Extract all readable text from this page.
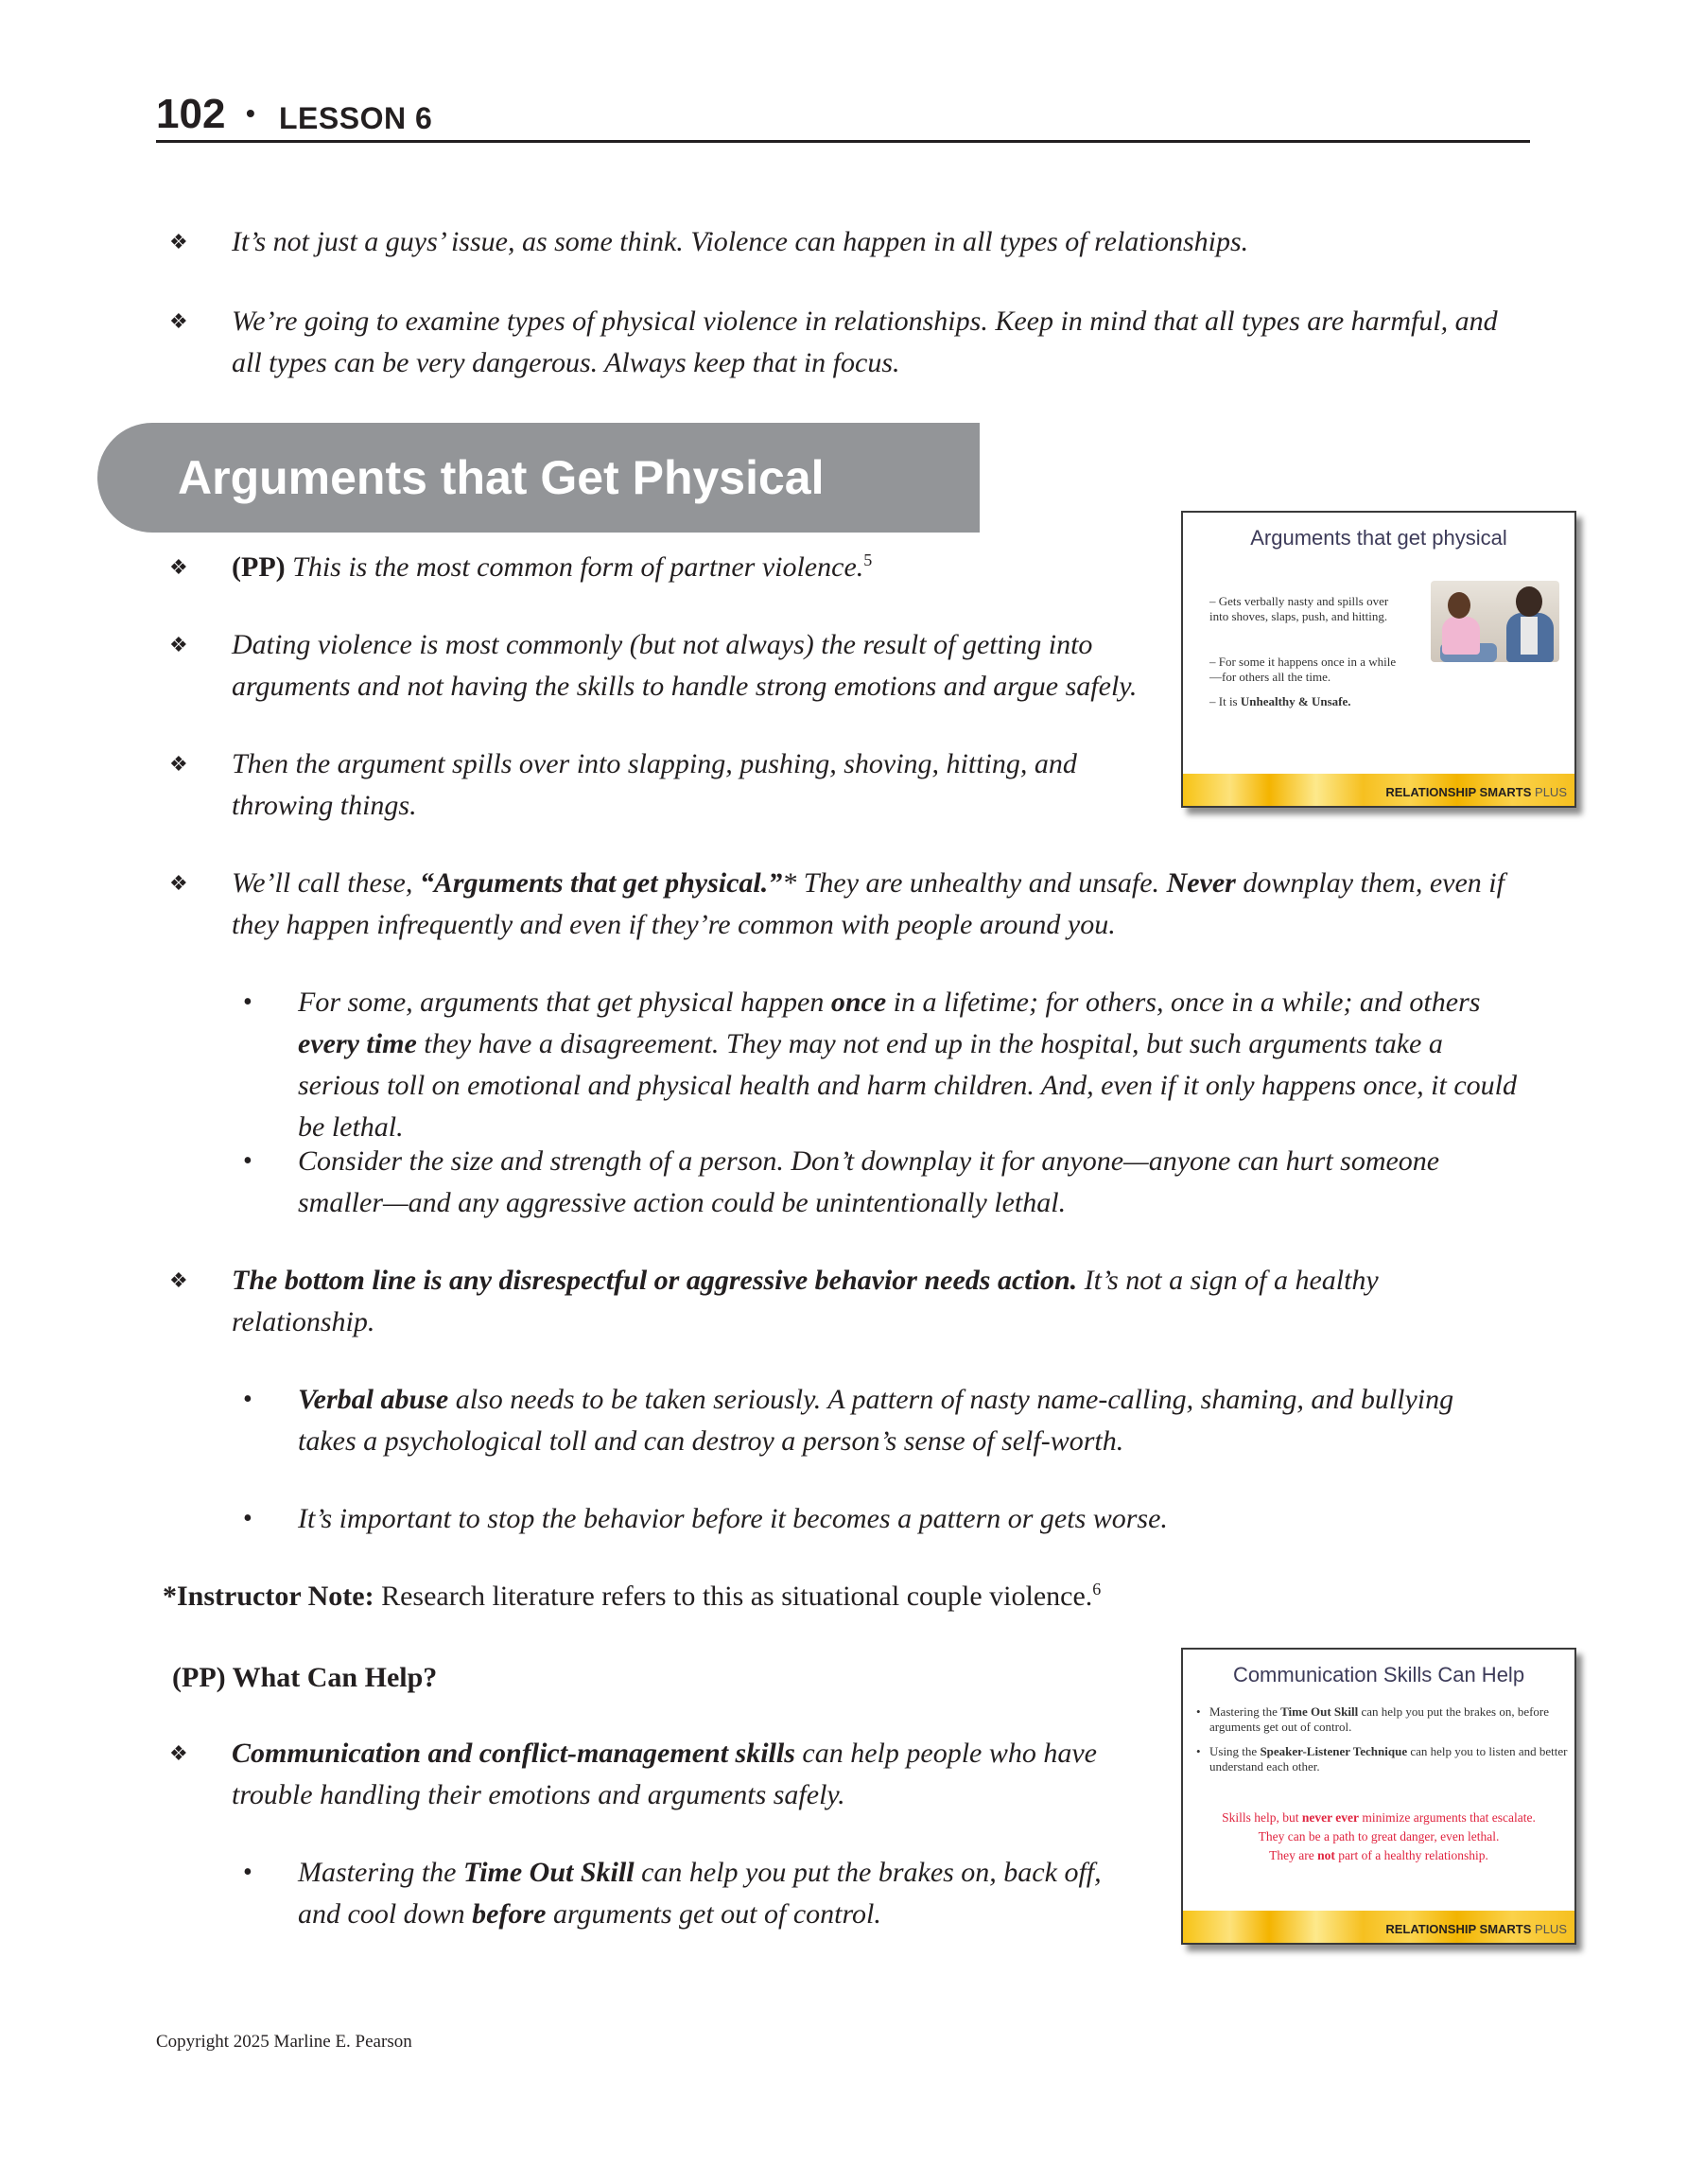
102 • LESSON 6
❖ It’s not just a guys’ issue, as some think. Violence can happen in all types of relationships.
❖ We’re going to examine types of physical violence in relationships. Keep in mind that all types are harmful, and all types can be very dangerous. Always keep that in focus.
Arguments that Get Physical
Arguments that get physical
– Gets verbally nasty and spills over into shoves, slaps, push, and hitting.
– For some it happens once in a while—for others all the time.
– It is Unhealthy & Unsafe.
RELATIONSHIP SMARTS PLUS
❖ (PP) This is the most common form of partner violence.$^5$
❖ Dating violence is most commonly (but not always) the result of getting into arguments and not having the skills to handle strong emotions and argue safely.
❖ Then the argument spills over into slapping, pushing, shoving, hitting, and throwing things.
❖ We’ll call these, “Arguments that get physical.”* They are unhealthy and unsafe. Never downplay them, even if they happen infrequently and even if they’re common with people around you.
• For some, arguments that get physical happen once in a lifetime; for others, once in a while; and others every time they have a disagreement. They may not end up in the hospital, but such arguments take a serious toll on emotional and physical health and harm children. And, even if it only happens once, it could be lethal.
• Consider the size and strength of a person. Don’t downplay it for anyone—anyone can hurt someone smaller—and any aggressive action could be unintentionally lethal.
❖ The bottom line is any disrespectful or aggressive behavior needs action. It’s not a sign of a healthy relationship.
• Verbal abuse also needs to be taken seriously. A pattern of nasty name-calling, shaming, and bullying takes a psychological toll and can destroy a person’s sense of self-worth.
• It’s important to stop the behavior before it becomes a pattern or gets worse.
*Instructor Note: Research literature refers to this as situational couple violence.$^6$
Communication Skills Can Help
• Mastering the Time Out Skill can help you put the brakes on, before arguments get out of control.
• Using the Speaker-Listener Technique can help you to listen and better understand each other.
Skills help, but never ever minimize arguments that escalate.
They can be a path to great danger, even lethal.
They are not part of a healthy relationship.
RELATIONSHIP SMARTS PLUS
(PP) What Can Help?
❖ Communication and conflict-management skills can help people who have trouble handling their emotions and arguments safely.
• Mastering the Time Out Skill can help you put the brakes on, back off, and cool down before arguments get out of control.
Copyright 2025 Marline E. Pearson
